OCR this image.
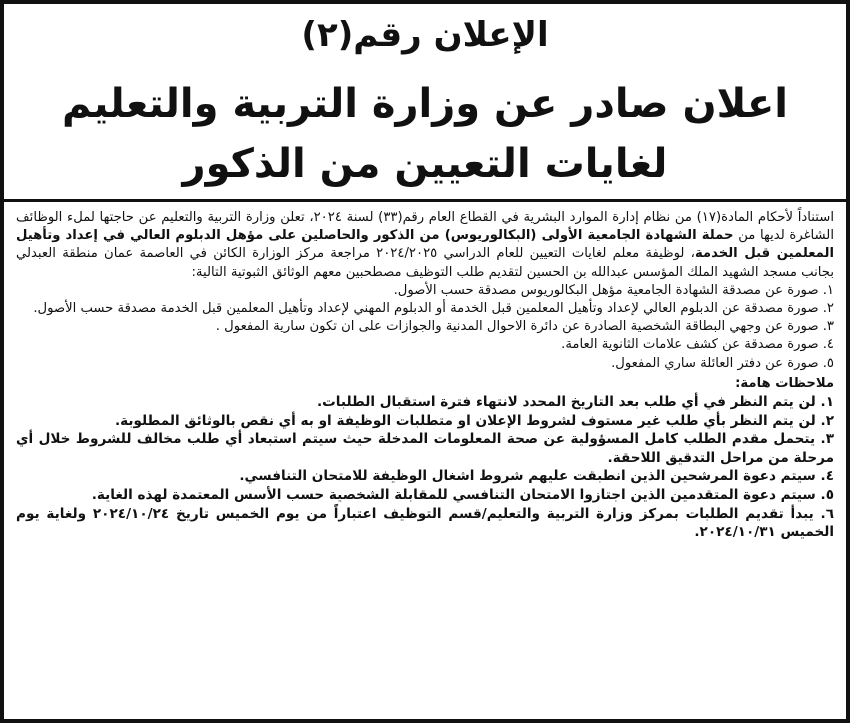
الإعلان رقم(٢)
اعلان صادر عن وزارة التربية والتعليم
لغايات التعيين من الذكور

استناداً لأحكام المادة(١٧) من نظام إدارة الموارد البشرية في القطاع العام رقم(٣٣) لسنة ٢٠٢٤، تعلن وزارة التربية والتعليم عن حاجتها لملء الوظائف الشاغرة لديها من حملة الشهادة الجامعية الأولى (البكالوريوس) من الذكور والحاصلين على مؤهل الدبلوم العالي في إعداد وتأهيل المعلمين قبل الخدمة، لوظيفة معلم لغايات التعيين للعام الدراسي ٢٠٢٤/٢٠٢٥ مراجعة مركز الوزارة الكائن في العاصمة عمان منطقة العبدلي بجانب مسجد الشهيد الملك المؤسس عبدالله بن الحسين لتقديم طلب التوظيف مصطحبين معهم الوثائق الثبوتية التالية:

١. صورة عن مصدقة الشهادة الجامعية مؤهل البكالوريوس مصدقة حسب الأصول.
٢. صورة مصدقة عن الدبلوم العالي لإعداد وتأهيل المعلمين قبل الخدمة أو الدبلوم المهني لإعداد وتأهيل المعلمين قبل الخدمة مصدقة حسب الأصول.
٣. صورة عن وجهي البطاقة الشخصية الصادرة عن دائرة الاحوال المدنية والجوازات على ان تكون سارية المفعول .
٤. صورة مصدقة عن كشف علامات الثانوية العامة.
٥. صورة عن دفتر العائلة ساري المفعول.
ملاحظات هامة:
١. لن يتم النظر في أي طلب بعد التاريخ المحدد لانتهاء فترة استقبال الطلبات.
٢. لن يتم النظر بأي طلب غير مستوف لشروط الإعلان او متطلبات الوظيفة او به أي نقص بالوثائق المطلوبة.
٣. يتحمل مقدم الطلب كامل المسؤولية عن صحة المعلومات المدخلة حيث سيتم استبعاد أي طلب مخالف للشروط خلال أي مرحلة من مراحل التدقيق اللاحقة.
٤. سيتم دعوة المرشحين الذين انطبقت عليهم شروط اشغال الوظيفة للامتحان التنافسي.
٥. سيتم دعوة المتقدمين الذين اجتازوا الامتحان التنافسي للمقابلة الشخصية حسب الأسس المعتمدة لهذه الغاية.
٦. يبدأ تقديم الطلبات بمركز وزارة التربية والتعليم/قسم التوظيف اعتباراً من يوم الخميس تاريخ ٢٠٢٤/١٠/٢٤ ولغاية يوم الخميس ٢٠٢٤/١٠/٣١.
